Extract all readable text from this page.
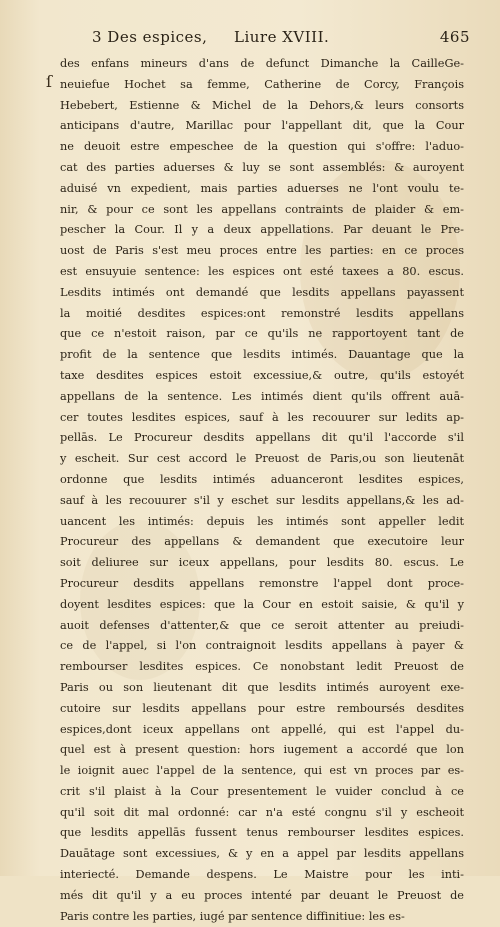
3 Des espices, Liure XVIII.	465
ſ
des enfans mineurs d'ans de defunct Dimanche la CailleGe-
neuiefue Hochet sa femme, Catherine de Corcy, François
Hebebert, Estienne & Michel de la Dehors,& leurs consorts
anticipans d'autre, Marillac pour l'appellant dit, que la Cour
ne deuoit estre empeschee de la question qui s'offre: l'aduo-
cat des parties aduerses & luy se sont assemblés: & auroyent
aduisé vn expedient, mais parties aduerses ne l'ont voulu te-
nir, & pour ce sont les appellans contraints de plaider & em-
pescher la Cour. Il y a deux appellations. Par deuant le Pre-
uost de Paris s'est meu proces entre les parties: en ce proces
est ensuyuie sentence: les espices ont esté taxees a 80. escus.
Lesdits intimés ont demandé que lesdits appellans payassent
la moitié desdites espices:ont remonstré lesdits appellans
que ce n'estoit raison, par ce qu'ils ne rapportoyent tant de
profit de la sentence que lesdits intimés. Dauantage que la
taxe desdites espices estoit excessiue,& outre, qu'ils estoyét
appellans de la sentence. Les intimés dient qu'ils offrent auā-
cer toutes lesdites espices, sauf à les recouurer sur ledits ap-
pellās. Le Procureur desdits appellans dit qu'il l'accorde s'il
y escheit. Sur cest accord le Preuost de Paris,ou son lieutenāt
ordonne que lesdits intimés aduanceront lesdites espices,
sauf à les recouurer s'il y eschet sur lesdits appellans,& les ad-
uancent les intimés: depuis les intimés sont appeller ledit
Procureur des appellans & demandent que executoire leur
soit deliuree sur iceux appellans, pour lesdits 80. escus. Le
Procureur desdits appellans remonstre l'appel dont proce-
doyent lesdites espices: que la Cour en estoit saisie, & qu'il y
auoit defenses d'attenter,& que ce seroit attenter au preiudi-
ce de l'appel, si l'on contraignoit lesdits appellans à payer &
rembourser lesdites espices. Ce nonobstant ledit Preuost de
Paris ou son lieutenant dit que lesdits intimés auroyent exe-
cutoire sur lesdits appellans pour estre remboursés desdites
espices,dont iceux appellans ont appellé, qui est l'appel du-
quel est à present question: hors iugement a accordé que lon
le ioignit auec l'appel de la sentence, qui est vn proces par es-
crit s'il plaist à la Cour presentement le vuider conclud à ce
qu'il soit dit mal ordonné: car n'a esté congnu s'il y escheoit
que lesdits appellās fussent tenus rembourser lesdites espices.
Dauātage sont excessiues, & y en a appel par lesdits appellans
interiecté. Demande despens. Le Maistre pour les inti-
més dit qu'il y a eu proces intenté par deuant le Preuost de
Paris contre les parties, iugé par sentence diffinitiue: les es-
